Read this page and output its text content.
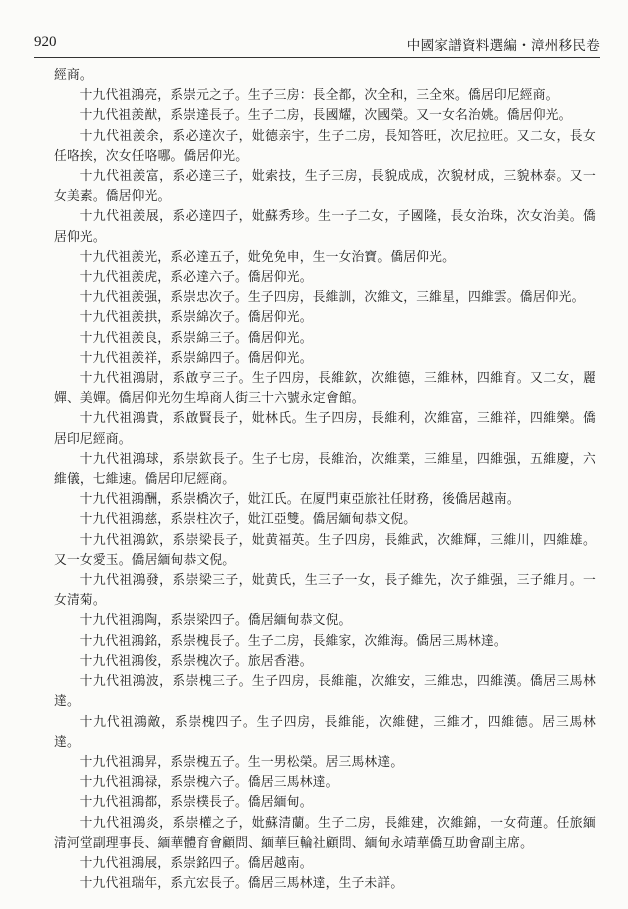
920	中國家譜資料選編・漳州移民卷

經商。

十九代祖鴻亮，系崇元之子。生子三房：長全都，次全和，三全來。僑居印尼經商。

十九代祖羨猷，系崇達長子。生子二房，長國耀，次國榮。又一女名治姚。僑居仰光。

十九代祖羨余，系必達次子，妣德亲宇，生子二房，長知答旺，次尼拉旺。又二女，長女任咯挨，次女任咯哪。僑居仰光。

十九代祖羨富，系必達三子，妣索技，生子三房，長貌成成，次貌材成，三貌林泰。又一女美素。僑居仰光。

十九代祖羨展，系必達四子，妣蘇秀珍。生一子二女，子國隆，長女治珠，次女治美。僑居仰光。

十九代祖羨光，系必達五子，妣免免申，生一女治寶。僑居仰光。

十九代祖羨虎，系必達六子。僑居仰光。

十九代祖羨强，系崇忠次子。生子四房，長維訓，次維文，三維星，四維雲。僑居仰光。

十九代祖羨拱，系崇綿次子。僑居仰光。

十九代祖羨良，系崇綿三子。僑居仰光。

十九代祖羨祥，系崇綿四子。僑居仰光。

十九代祖鴻尉，系啟亨三子。生子四房，長維欽，次維德，三維林，四維育。又二女，麗嬋、美嬋。僑居仰光勿生埠商人街三十六號永定會館。

十九代祖鴻貴，系啟賢長子，妣林氏。生子四房，長維利，次維富，三維祥，四維樂。僑居印尼經商。

十九代祖鴻球，系崇欽長子。生子七房，長維治，次維業，三維星，四維强，五維慶，六維儀，七維速。僑居印尼經商。

十九代祖鴻酬，系崇橋次子，妣江氏。在厦門東亞旅社任財務，後僑居越南。

十九代祖鴻慈，系崇柱次子，妣江亞雙。僑居緬甸恭文倪。

十九代祖鴻欽，系崇梁長子，妣黄福英。生子四房，長維武，次維輝，三維川，四維雄。又一女愛玉。僑居緬甸恭文倪。

十九代祖鴻發，系崇梁三子，妣黄氏，生三子一女，長子維先，次子維强，三子維月。一女清菊。

十九代祖鴻陶，系崇梁四子。僑居緬甸恭文倪。

十九代祖鴻銘，系崇槐長子。生子二房，長維家，次維海。僑居三馬林達。

十九代祖鴻俊，系崇槐次子。旅居香港。

十九代祖鴻波，系崇槐三子。生子四房，長維龍，次維安，三維忠，四維漢。僑居三馬林達。

十九代祖鴻敵，系崇槐四子。生子四房，長維能，次維健，三維才，四維德。居三馬林達。

十九代祖鴻昇，系崇槐五子。生一男松榮。居三馬林達。

十九代祖鴻禄，系崇槐六子。僑居三馬林達。

十九代祖鴻都，系崇樸長子。僑居緬甸。

十九代祖鴻炎，系崇權之子，妣蘇清蘭。生子二房，長維建，次維錦，一女荷蓮。任旅緬清河堂副理事長、緬華體育會顧問、緬華巨輪社顧問、緬甸永靖華僑互助會副主席。

十九代祖鴻展，系崇銘四子。僑居越南。

十九代祖瑞年，系亢宏長子。僑居三馬林達，生子未詳。
